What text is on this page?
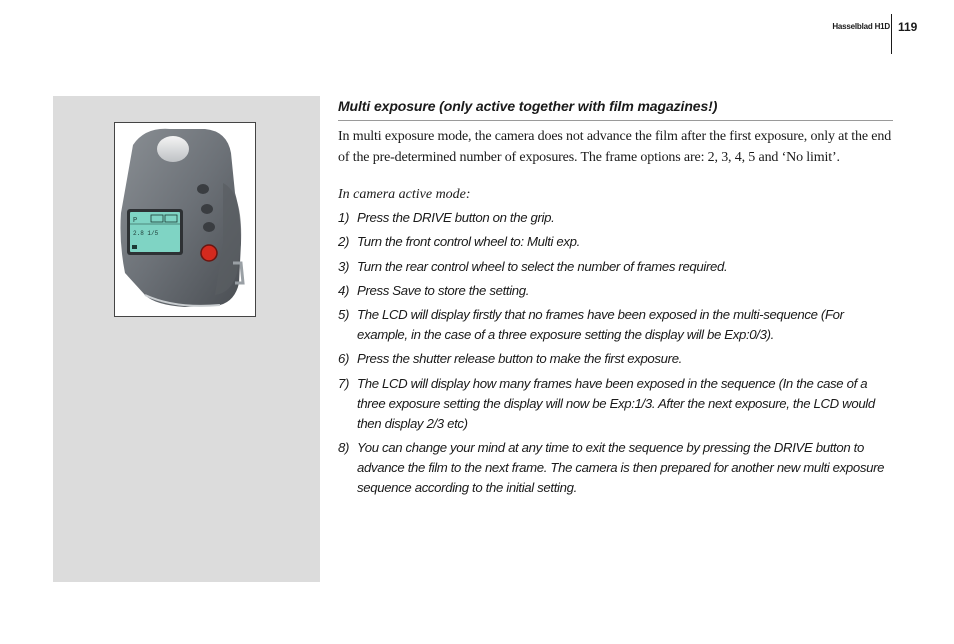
Hasselblad H1D 119
P
2.8 1/5
Multi exposure (only active together with film magazines!)

In multi exposure mode, the camera does not advance the film after the first exposure, only at the end of the pre-determined number of exposures. The frame options are: 2, 3, 4, 5 and ‘No limit’.

In camera active mode:

1) Press the DRIVE button on the grip.
2) Turn the front control wheel to: Multi exp.
3) Turn the rear control wheel to select the number of frames required.
4) Press Save to store the setting.
5) The LCD will display firstly that no frames have been exposed in the multi-sequence (For example, in the case of a three exposure setting the display will be Exp:0/3).
6) Press the shutter release button to make the first exposure.
7) The LCD will display how many frames have been exposed in the sequence (In the case of a three exposure setting the display will now be Exp:1/3. After the next exposure, the LCD would then display 2/3 etc)
8) You can change your mind at any time to exit the sequence by pressing the DRIVE button to advance the film to the next frame. The camera is then prepared for another new multi exposure sequence according to the initial setting.
